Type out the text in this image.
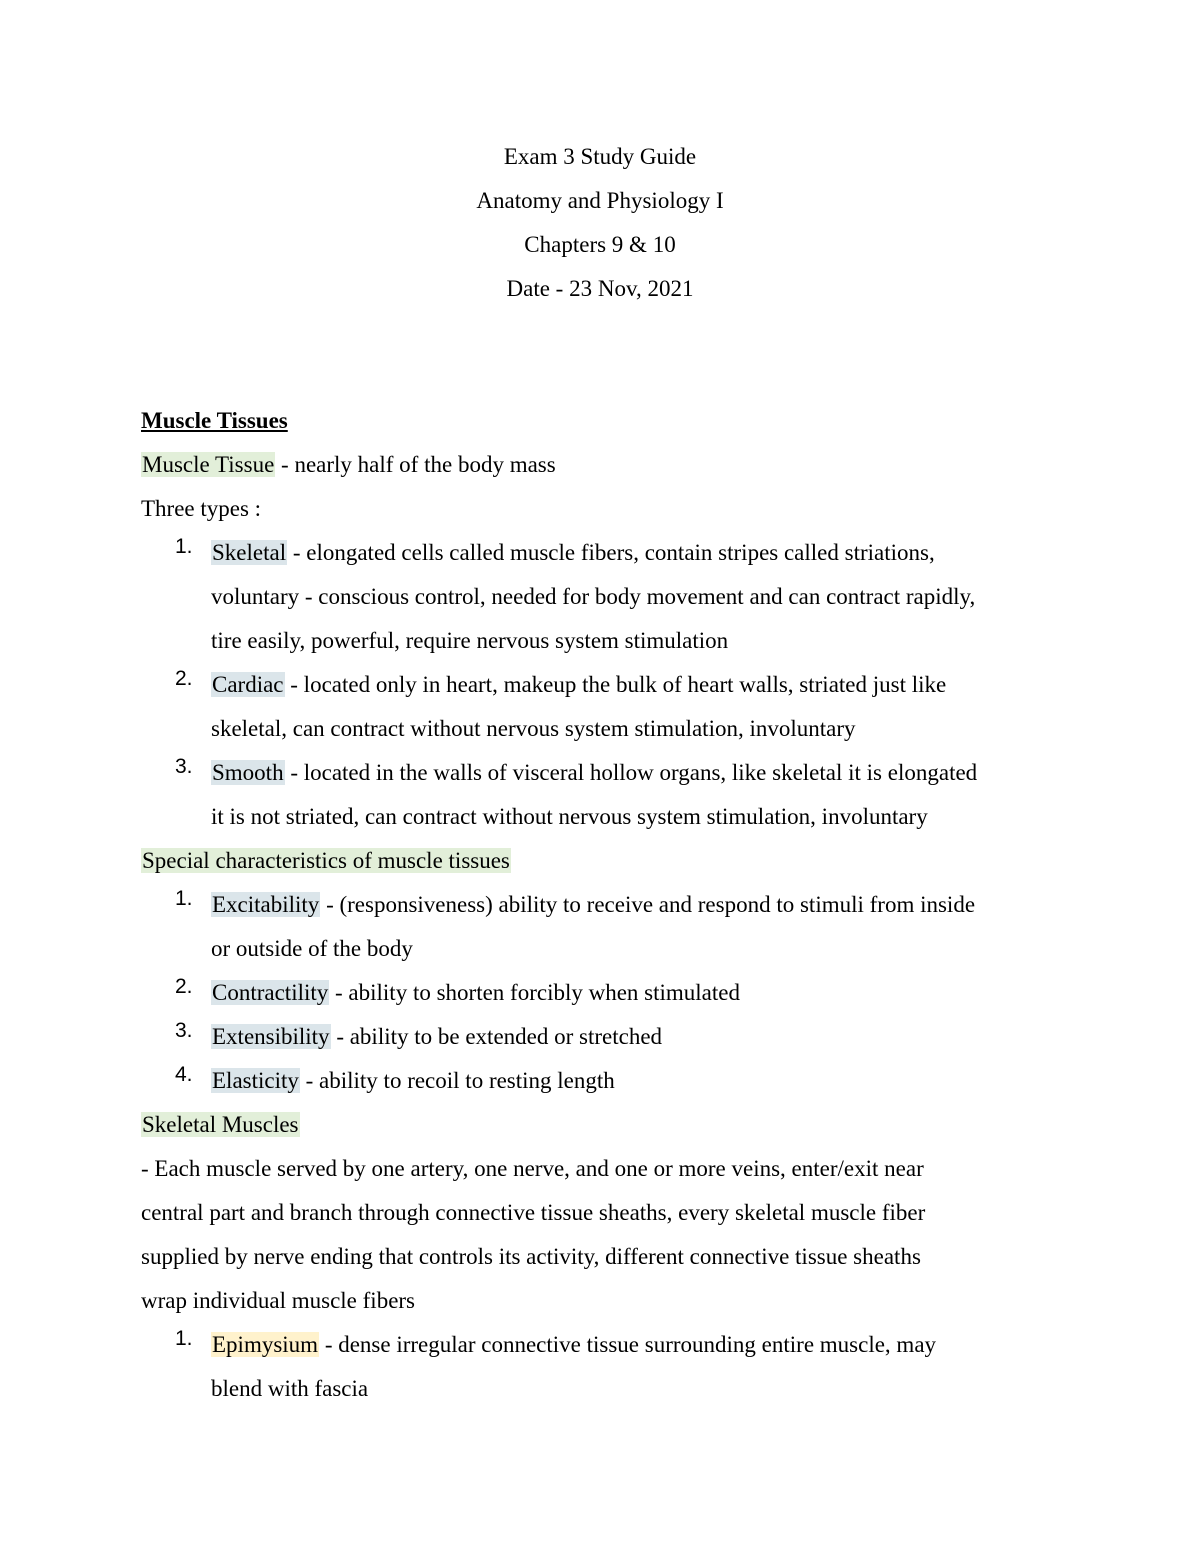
Exam 3 Study Guide
Anatomy and Physiology I
Chapters 9 & 10
Date - 23 Nov, 2021
Muscle Tissues
Muscle Tissue - nearly half of the body mass
Three types :
1. Skeletal - elongated cells called muscle fibers, contain stripes called striations,
voluntary - conscious control, needed for body movement and can contract rapidly,
tire easily, powerful, require nervous system stimulation
2. Cardiac - located only in heart, makeup the bulk of heart walls, striated just like
skeletal, can contract without nervous system stimulation, involuntary
3. Smooth - located in the walls of visceral hollow organs, like skeletal it is elongated
it is not striated, can contract without nervous system stimulation, involuntary
Special characteristics of muscle tissues
1. Excitability - (responsiveness) ability to receive and respond to stimuli from inside
or outside of the body
2. Contractility - ability to shorten forcibly when stimulated
3. Extensibility - ability to be extended or stretched
4. Elasticity - ability to recoil to resting length
Skeletal Muscles
- Each muscle served by one artery, one nerve, and one or more veins, enter/exit near
central part and branch through connective tissue sheaths, every skeletal muscle fiber
supplied by nerve ending that controls its activity, different connective tissue sheaths
wrap individual muscle fibers
1. Epimysium - dense irregular connective tissue surrounding entire muscle, may
blend with fascia
